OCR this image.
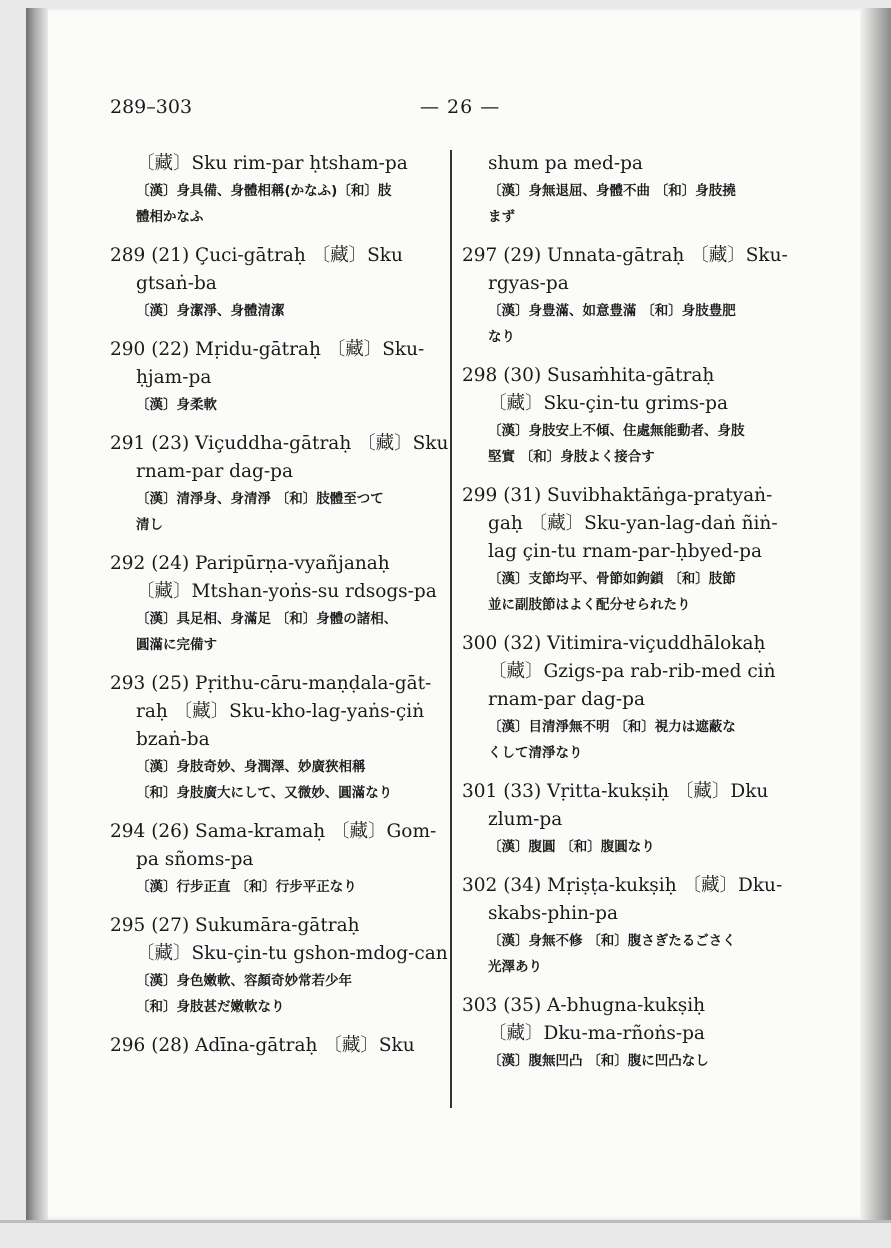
289–303	— 26 —
〔藏〕Sku rim-par ḥtsham-pa
〔漢〕身具備、身體相稱(かなふ)〔和〕肢
體相かなふ
289 (21) Çuci-gātraḥ 〔藏〕Sku
gtsaṅ-ba
〔漢〕身潔淨、身體清潔
290 (22) Mṛidu-gātraḥ 〔藏〕Sku-
ḥjam-pa
〔漢〕身柔軟
291 (23) Viçuddha-gātraḥ 〔藏〕Sku
rnam-par dag-pa
〔漢〕清淨身、身清淨 〔和〕肢體至つて
清し
292 (24) Paripūrṇa-vyañjanaḥ
〔藏〕Mtshan-yoṅs-su rdsogs-pa
〔漢〕具足相、身滿足 〔和〕身體の諸相、
圓滿に完備す
293 (25) Pṛithu-cāru-maṇḍala-gāt-
raḥ 〔藏〕Sku-kho-lag-yaṅs-çiṅ
bzaṅ-ba
〔漢〕身肢奇妙、身潤澤、妙廣狹相稱
〔和〕身肢廣大にして、又微妙、圓滿なり
294 (26) Sama-kramaḥ 〔藏〕Gom-
pa sñoms-pa
〔漢〕行步正直 〔和〕行步平正なり
295 (27) Sukumāra-gātraḥ
〔藏〕Sku-çin-tu gshon-mdog-can
〔漢〕身色嫩軟、容顏奇妙常若少年
〔和〕身肢甚だ嫩軟なり
296 (28) Adīna-gātraḥ 〔藏〕Sku
shum pa med-pa
〔漢〕身無退屈、身體不曲 〔和〕身肢撓
まず
297 (29) Unnata-gātraḥ 〔藏〕Sku-
rgyas-pa
〔漢〕身豊滿、如意豊滿 〔和〕身肢豊肥
なり
298 (30) Susaṁhita-gātraḥ
〔藏〕Sku-çin-tu grims-pa
〔漢〕身肢安上不傾、住處無能動者、身肢
堅實 〔和〕身肢よく接合す
299 (31) Suvibhaktāṅga-pratyaṅ-
gaḥ 〔藏〕Sku-yan-lag-daṅ ñiṅ-
lag çin-tu rnam-par-ḥbyed-pa
〔漢〕支節均平、骨節如鉤鎖 〔和〕肢節
並に副肢節はよく配分せられたり
300 (32) Vitimira-viçuddhālokaḥ
〔藏〕Gzigs-pa rab-rib-med ciṅ
rnam-par dag-pa
〔漢〕目清淨無不明 〔和〕視力は遮蔽な
くして清淨なり
301 (33) Vṛitta-kukṣiḥ 〔藏〕Dku
zlum-pa
〔漢〕腹圓 〔和〕腹圓なり
302 (34) Mṛiṣṭa-kukṣiḥ 〔藏〕Dku-
skabs-phin-pa
〔漢〕身無不修 〔和〕腹さぎたるごさく
光澤あり
303 (35) A-bhugna-kukṣiḥ
〔藏〕Dku-ma-rñoṅs-pa
〔漢〕腹無凹凸 〔和〕腹に凹凸なし
